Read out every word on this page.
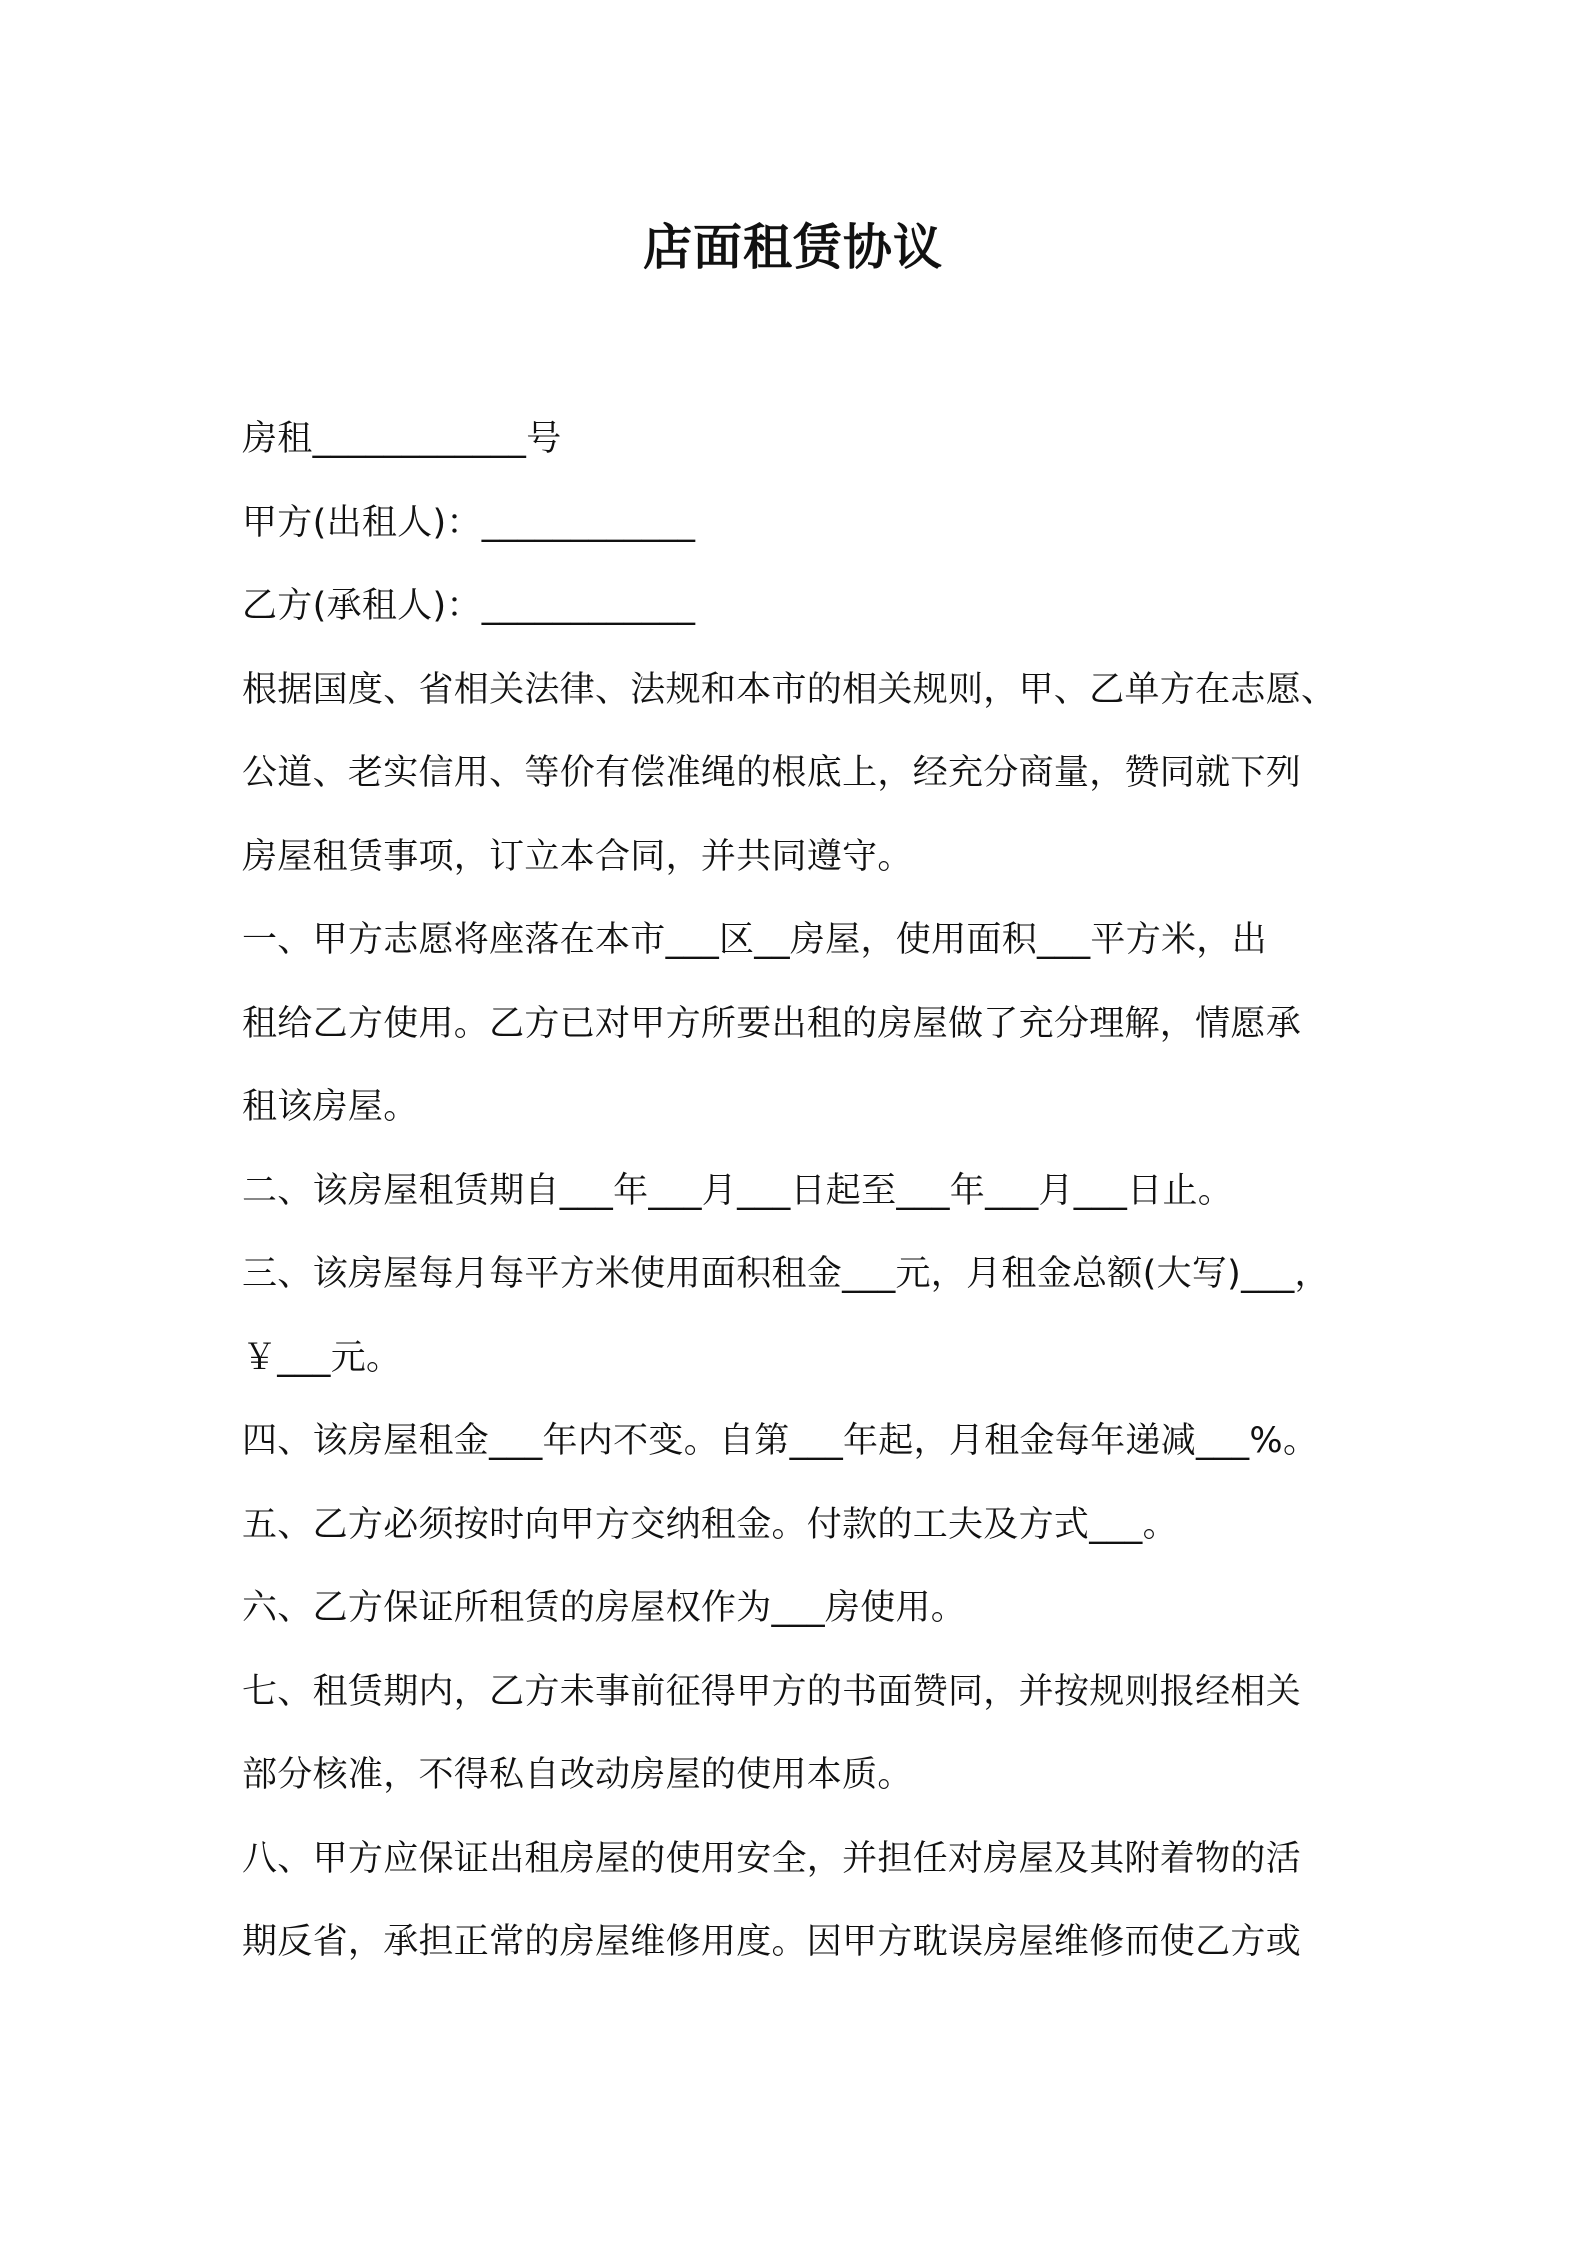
店面租赁协议
房租____________号
甲方(出租人)：____________
乙方(承租人)：____________
根据国度、省相关法律、法规和本市的相关规则，甲、乙单方在志愿、
公道、老实信用、等价有偿准绳的根底上，经充分商量，赞同就下列
房屋租赁事项，订立本合同，并共同遵守。
一、甲方志愿将座落在本市___区__房屋，使用面积___平方米，出
租给乙方使用。乙方已对甲方所要出租的房屋做了充分理解，情愿承
租该房屋。
二、该房屋租赁期自___年___月___日起至___年___月___日止。
三、该房屋每月每平方米使用面积租金___元，月租金总额(大写)___，
￥___元。
四、该房屋租金___年内不变。自第___年起，月租金每年递减___%。
五、乙方必须按时向甲方交纳租金。付款的工夫及方式___。
六、乙方保证所租赁的房屋权作为___房使用。
七、租赁期内，乙方未事前征得甲方的书面赞同，并按规则报经相关
部分核准，不得私自改动房屋的使用本质。
八、甲方应保证出租房屋的使用安全，并担任对房屋及其附着物的活
期反省，承担正常的房屋维修用度。因甲方耽误房屋维修而使乙方或
